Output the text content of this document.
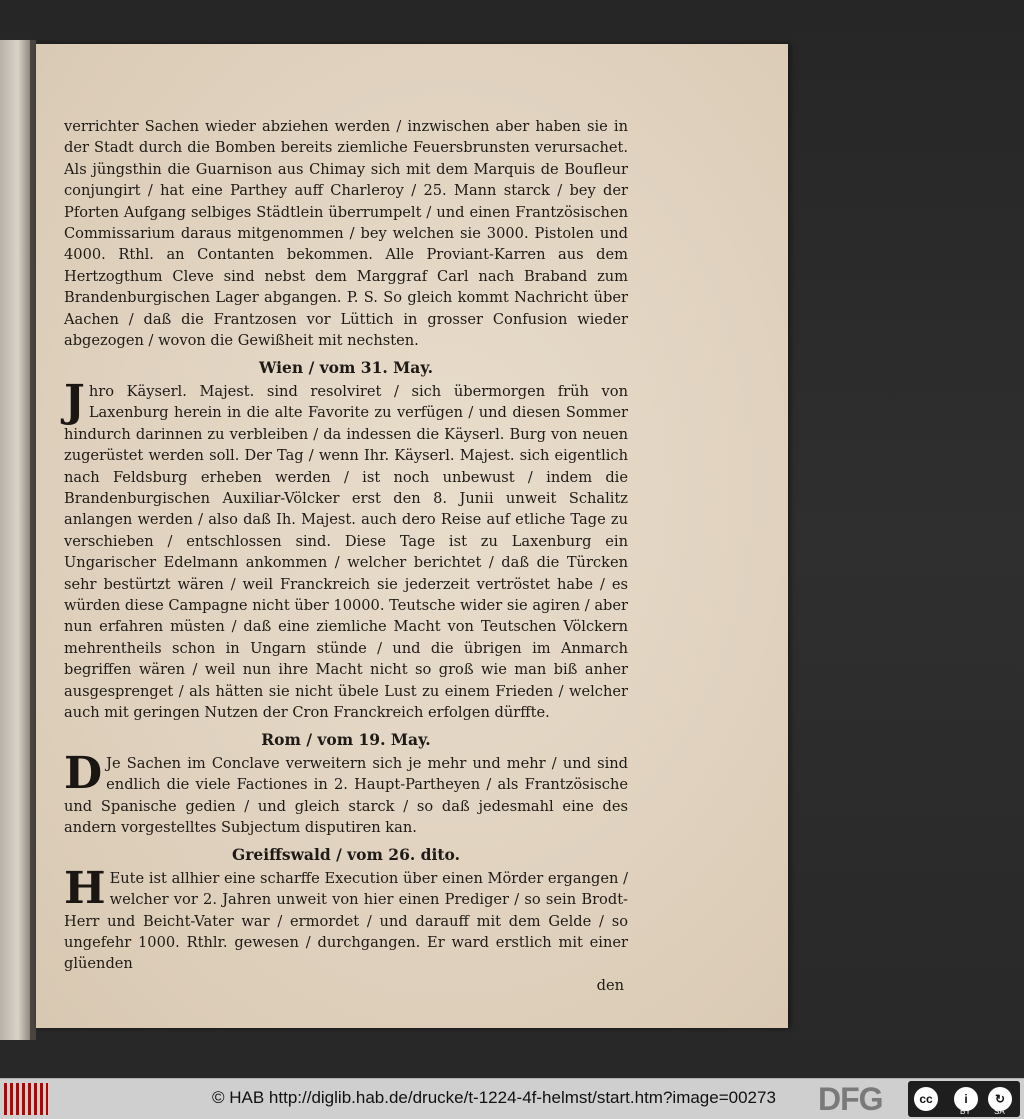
verrichter Sachen wieder abziehen werden / inzwischen aber haben sie in der Stadt durch die Bomben bereits ziemliche Feuersbrunsten verursachet. Als jüngsthin die Guarnison aus Chimay sich mit dem Marquis de Boufleur conjungirt / hat eine Parthey auff Charleroy / 25. Mann starck / bey der Pforten Aufgang selbiges Städtlein überrumpelt / und einen Frantzösischen Commissarium daraus mitgenommen / bey welchen sie 3000. Pistolen und 4000. Rthl. an Contanten bekommen. Alle Proviant-Karren aus dem Hertzogthum Cleve sind nebst dem Marggraf Carl nach Braband zum Brandenburgischen Lager abgangen. P. S. So gleich kommt Nachricht über Aachen / daß die Frantzosen vor Lüttich in grosser Confusion wieder abgezogen / wovon die Gewißheit mit nechsten.

Wien / vom 31. May.

Jhro Käyserl. Majest. sind resolviret / sich übermorgen früh von Laxenburg herein in die alte Favorite zu verfügen / und diesen Sommer hindurch darinnen zu verbleiben / da indessen die Käyserl. Burg von neuen zugerüstet werden soll. Der Tag / wenn Ihr. Käyserl. Majest. sich eigentlich nach Feldsburg erheben werden / ist noch unbewust / indem die Brandenburgischen Auxiliar-Völcker erst den 8. Junii unweit Schalitz anlangen werden / also daß Ih. Majest. auch dero Reise auf etliche Tage zu verschieben / entschlossen sind. Diese Tage ist zu Laxenburg ein Ungarischer Edelmann ankommen / welcher berichtet / daß die Türcken sehr bestürtzt wären / weil Franckreich sie jederzeit vertröstet habe / es würden diese Campagne nicht über 10000. Teutsche wider sie agiren / aber nun erfahren müsten / daß eine ziemliche Macht von Teutschen Völckern mehrentheils schon in Ungarn stünde / und die übrigen im Anmarch begriffen wären / weil nun ihre Macht nicht so groß wie man biß anher ausgesprenget / als hätten sie nicht übele Lust zu einem Frieden / welcher auch mit geringen Nutzen der Cron Franckreich erfolgen dürffte.

Rom / vom 19. May.

D Je Sachen im Conclave verweitern sich je mehr und mehr / und sind endlich die viele Factiones in 2. Haupt-Partheyen / als Frantzösische und Spanische gedien / und gleich starck / so daß jedesmahl eine des andern vorgestelltes Subjectum disputiren kan.

Greiffswald / vom 26. dito.

H Eute ist allhier eine scharffe Execution über einen Mörder ergangen / welcher vor 2. Jahren unweit von hier einen Prediger / so sein Brodt-Herr und Beicht-Vater war / ermordet / und darauff mit dem Gelde / so ungefehr 1000. Rthlr. gewesen / durchgangen. Er ward erstlich mit einer glüenden

den

© HAB http://diglib.hab.de/drucke/t-1224-4f-helmst/start.htm?image=00273 DFG	cc	i	↻
BY	SA
